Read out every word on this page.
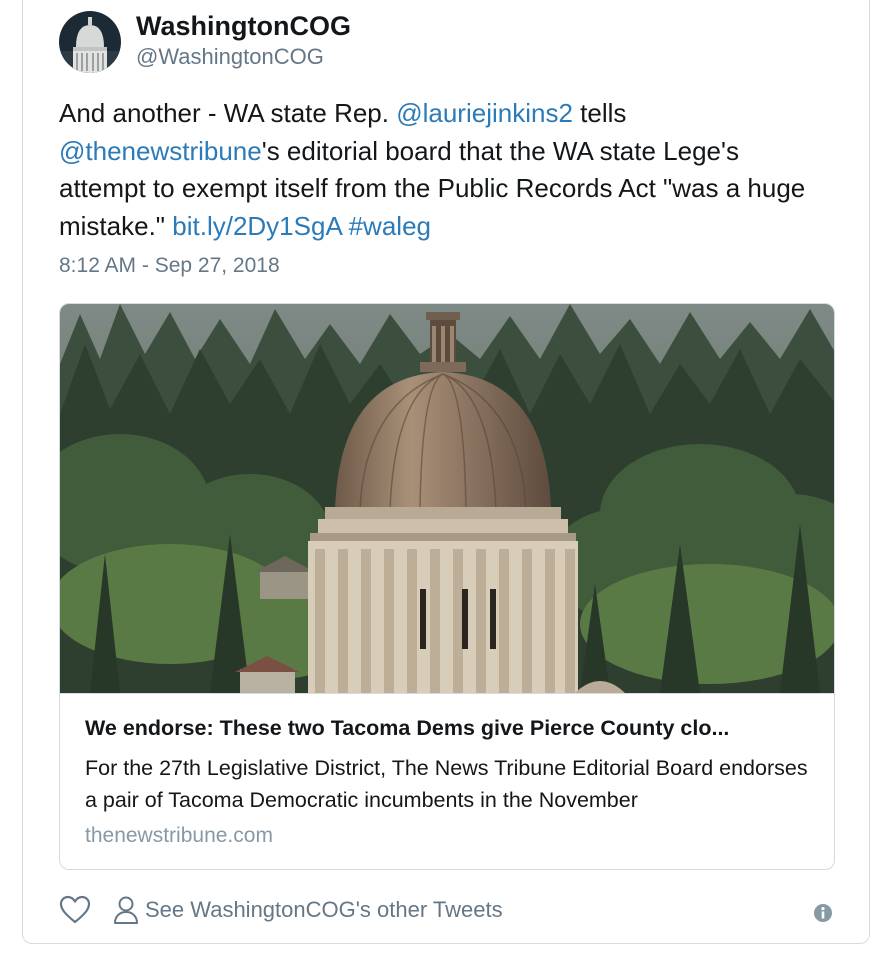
WashingtonCOG
@WashingtonCOG
And another - WA state Rep. @lauriejinkins2 tells @thenewstribune's editorial board that the WA state Lege's attempt to exempt itself from the Public Records Act "was a huge mistake." bit.ly/2Dy1SgA #waleg
8:12 AM - Sep 27, 2018
We endorse: These two Tacoma Dems give Pierce County clo...
For the 27th Legislative District, The News Tribune Editorial Board endorses a pair of Tacoma Democratic incumbents in the November
thenewstribune.com
See WashingtonCOG's other Tweets
